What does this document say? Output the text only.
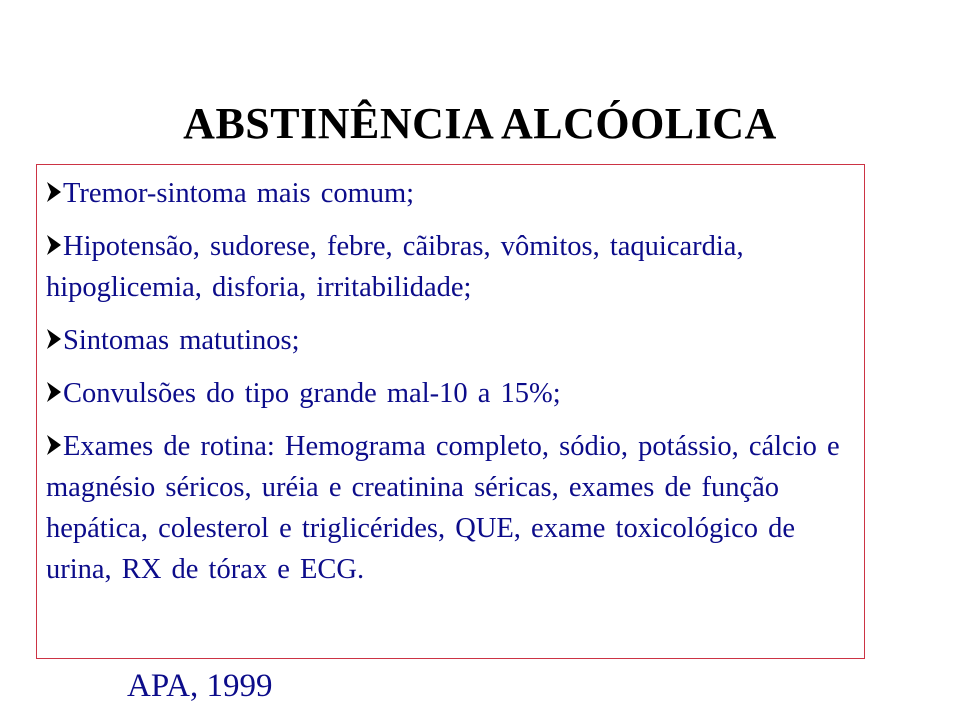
ABSTINÊNCIA ALCÓOLICA
Tremor-sintoma mais comum;
Hipotensão, sudorese, febre, cãibras, vômitos, taquicardia, hipoglicemia, disforia, irritabilidade;
Sintomas matutinos;
Convulsões do tipo grande mal-10 a 15%;
Exames de rotina: Hemograma completo, sódio, potássio, cálcio e magnésio séricos, uréia e creatinina séricas, exames de função hepática, colesterol e triglicérides, QUE, exame toxicológico de urina, RX de tórax e ECG.

APA, 1999
